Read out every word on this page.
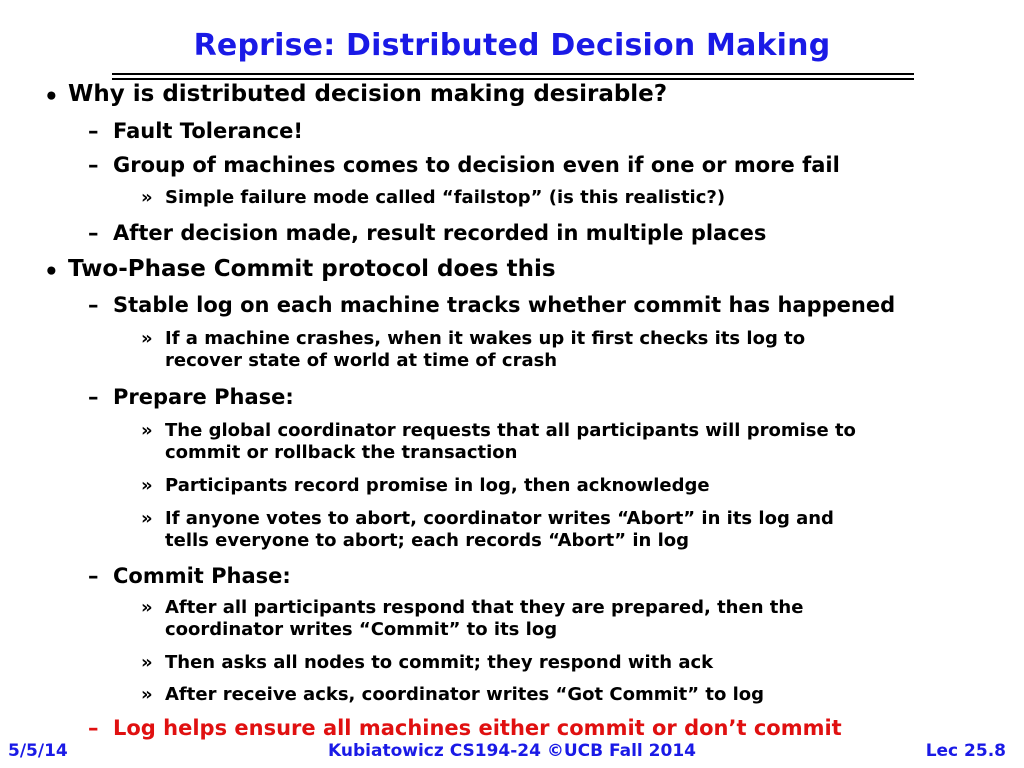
Reprise: Distributed Decision Making
• Why is distributed decision making desirable?
– Fault Tolerance!
– Group of machines comes to decision even if one or more fail
» Simple failure mode called “failstop” (is this realistic?)
– After decision made, result recorded in multiple places
• Two-Phase Commit protocol does this
– Stable log on each machine tracks whether commit has happened
» If a machine crashes, when it wakes up it first checks its log to
recover state of world at time of crash
– Prepare Phase:
» The global coordinator requests that all participants will promise to
commit or rollback the transaction
» Participants record promise in log, then acknowledge
» If anyone votes to abort, coordinator writes “Abort” in its log and
tells everyone to abort; each records “Abort” in log
– Commit Phase:
» After all participants respond that they are prepared, then the
coordinator writes “Commit” to its log
» Then asks all nodes to commit; they respond with ack
» After receive acks, coordinator writes “Got Commit” to log
– Log helps ensure all machines either commit or don’t commit
5/5/14	Kubiatowicz CS194-24 ©UCB Fall 2014	Lec 25.8
